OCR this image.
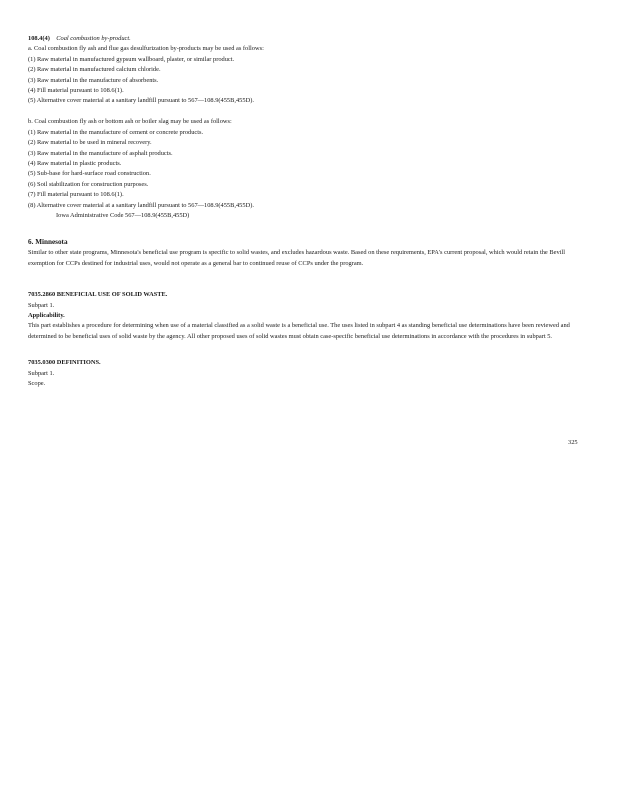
108.4(4) Coal combustion by-product.
a. Coal combustion fly ash and flue gas desulfurization by-products may be used as follows:
(1) Raw material in manufactured gypsum wallboard, plaster, or similar product.
(2) Raw material in manufactured calcium chloride.
(3) Raw material in the manufacture of absorbents.
(4) Fill material pursuant to 108.6(1).
(5) Alternative cover material at a sanitary landfill pursuant to 567—108.9(455B,455D).
b. Coal combustion fly ash or bottom ash or boiler slag may be used as follows:
(1) Raw material in the manufacture of cement or concrete products.
(2) Raw material to be used in mineral recovery.
(3) Raw material in the manufacture of asphalt products.
(4) Raw material in plastic products.
(5) Sub-base for hard-surface road construction.
(6) Soil stabilization for construction purposes.
(7) Fill material pursuant to 108.6(1).
(8) Alternative cover material at a sanitary landfill pursuant to 567—108.9(455B,455D).
Iowa Administrative Code 567—108.9(455B,455D)
6. Minnesota
Similar to other state programs, Minnesota's beneficial use program is specific to solid wastes, and excludes hazardous waste. Based on these requirements, EPA's current proposal, which would retain the Bevill exemption for CCPs destined for industrial uses, would not operate as a general bar to continued reuse of CCPs under the program.
7035.2860 BENEFICIAL USE OF SOLID WASTE.
Subpart 1.
Applicability.
This part establishes a procedure for determining when use of a material classified as a solid waste is a beneficial use. The uses listed in subpart 4 as standing beneficial use determinations have been reviewed and determined to be beneficial uses of solid waste by the agency. All other proposed uses of solid wastes must obtain case-specific beneficial use determinations in accordance with the procedures in subpart 5.
7035.0300 DEFINITIONS.
Subpart 1.
Scope.
325
